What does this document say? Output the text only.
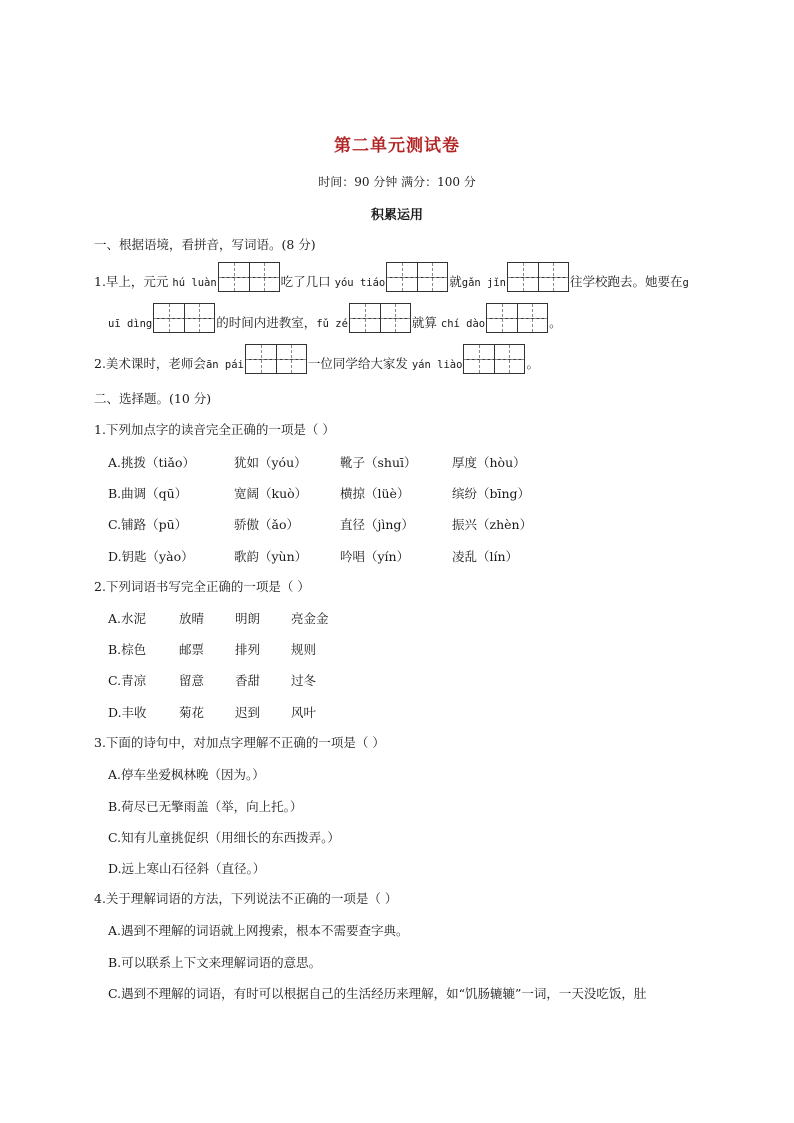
第二单元测试卷
时间：90 分钟 满分：100 分
积累运用
一、根据语境，看拼音，写词语。(8 分)
1.早上，元元 hú luàn	吃了几口 yóu tiáo	就gǎn jǐn	往学校跑去。她要在g
uī dìng	的时间内进教室，fǔ zé	就算 chí dào	。
2.美术课时，老师会ān pái	一位同学给大家发 yán liào	。
二、选择题。(10 分)
1.下列加点字的读音完全正确的一项是（ ）
A.挑拨（tiǎo）	犹如（yóu）	靴子（shuī）	厚度（hòu）
B.曲调（qū）	宽阔（kuò）	横掠（lüè）	缤纷（bīng）
C.铺路（pū）	骄傲（ǎo）	直径（jìng）	振兴（zhèn）
D.钥匙（yào）	歌韵（yùn）	吟唱（yín）	凌乱（lín）
2.下列词语书写完全正确的一项是（ ）
A.水泥	放晴 明朗 亮金金
B.棕色	邮票 排列 规则
C.青凉	留意 香甜 过冬
D.丰收	菊花 迟到 风叶
3.下面的诗句中，对加点字理解不正确的一项是（ ）
A.停车坐爱枫林晚（因为。）
B.荷尽已无擎雨盖（举，向上托。）
C.知有儿童挑促织（用细长的东西拨弄。）
D.远上寒山石径斜（直径。）
4.关于理解词语的方法，下列说法不正确的一项是（ ）
A.遇到不理解的词语就上网搜索，根本不需要查字典。
B.可以联系上下文来理解词语的意思。
C.遇到不理解的词语，有时可以根据自己的生活经历来理解，如“饥肠辘辘”一词，一天没吃饭，肚
